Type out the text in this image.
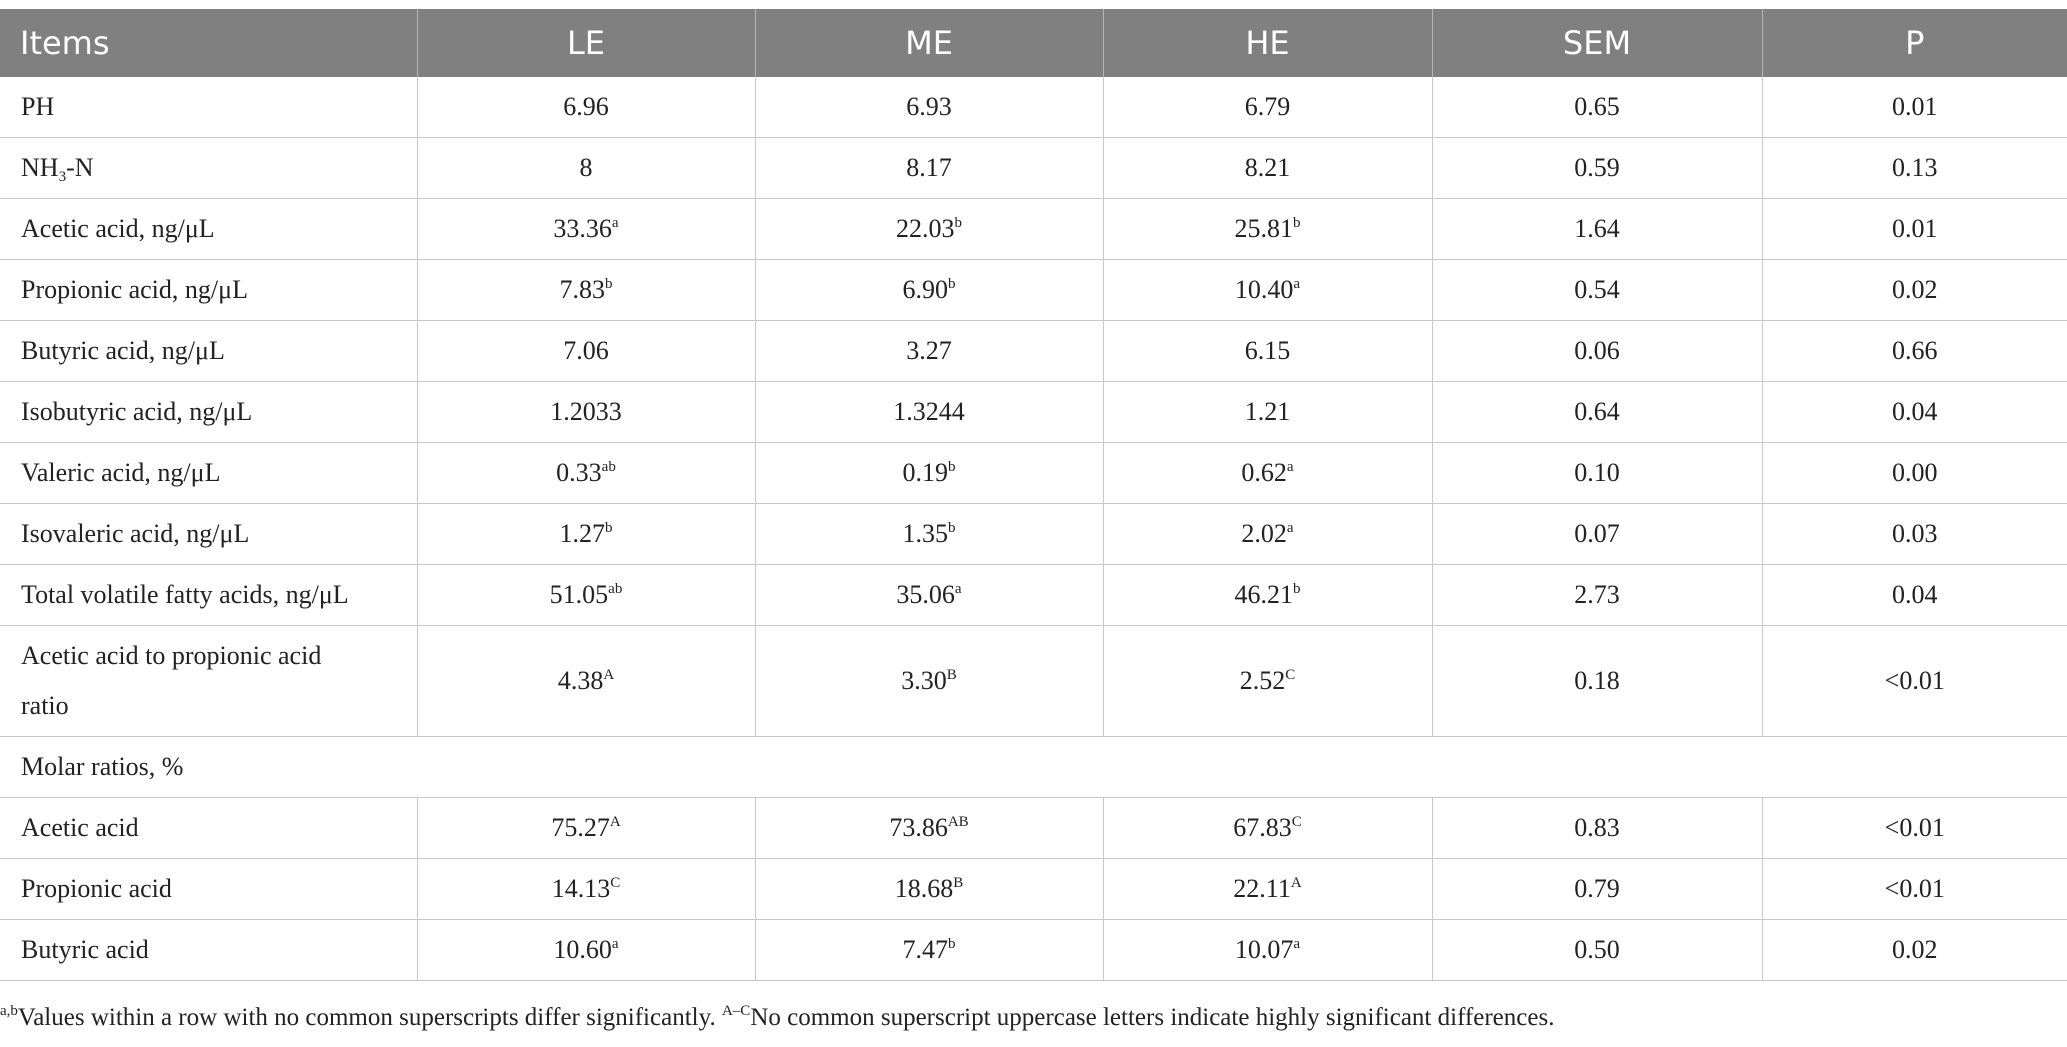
Items	LE	ME	HE	SEM	P
PH	6.96	6.93	6.79	0.65	0.01
$NH_3-N$	8	8.17	8.21	0.59	0.13
Acetic acid, ng/μL	33.36$^a$	22.03$^b$	25.81$^b$	1.64	0.01
Propionic acid, ng/μL	7.83$^b$	6.90$^b$	10.40$^a$	0.54	0.02
Butyric acid, ng/μL	7.06	3.27	6.15	0.06	0.66
Isobutyric acid, ng/μL	1.2033	1.3244	1.21	0.64	0.04
Valeric acid, ng/μL	0.33$^{ab}$	0.19$^b$	0.62$^a$	0.10	0.00
Isovaleric acid, ng/μL	1.27$^b$	1.35$^b$	2.02$^a$	0.07	0.03
Total volatile fatty acids, ng/μL	51.05$^{ab}$	35.06$^a$	46.21$^b$	2.73	0.04
Acetic acid to propionic acid
ratio	$4.38^A$	$3.30^B$	$2.52^C$	0.18	<0.01
Molar ratios, %					
Acetic acid	$75.27^A$	$73.86^{AB}$	$67.83^C$	0.83	<0.01
Propionic acid	$14.13^C$	$18.68^B$	$22.11^A$	0.79	<0.01
Butyric acid	10.60$^a$	7.47$^b$	10.07$^a$	0.50	0.02
$^{a,b}$Values within a row with no common superscripts differ significantly. $^{A-C}$No common superscript uppercase letters indicate highly significant differences.
